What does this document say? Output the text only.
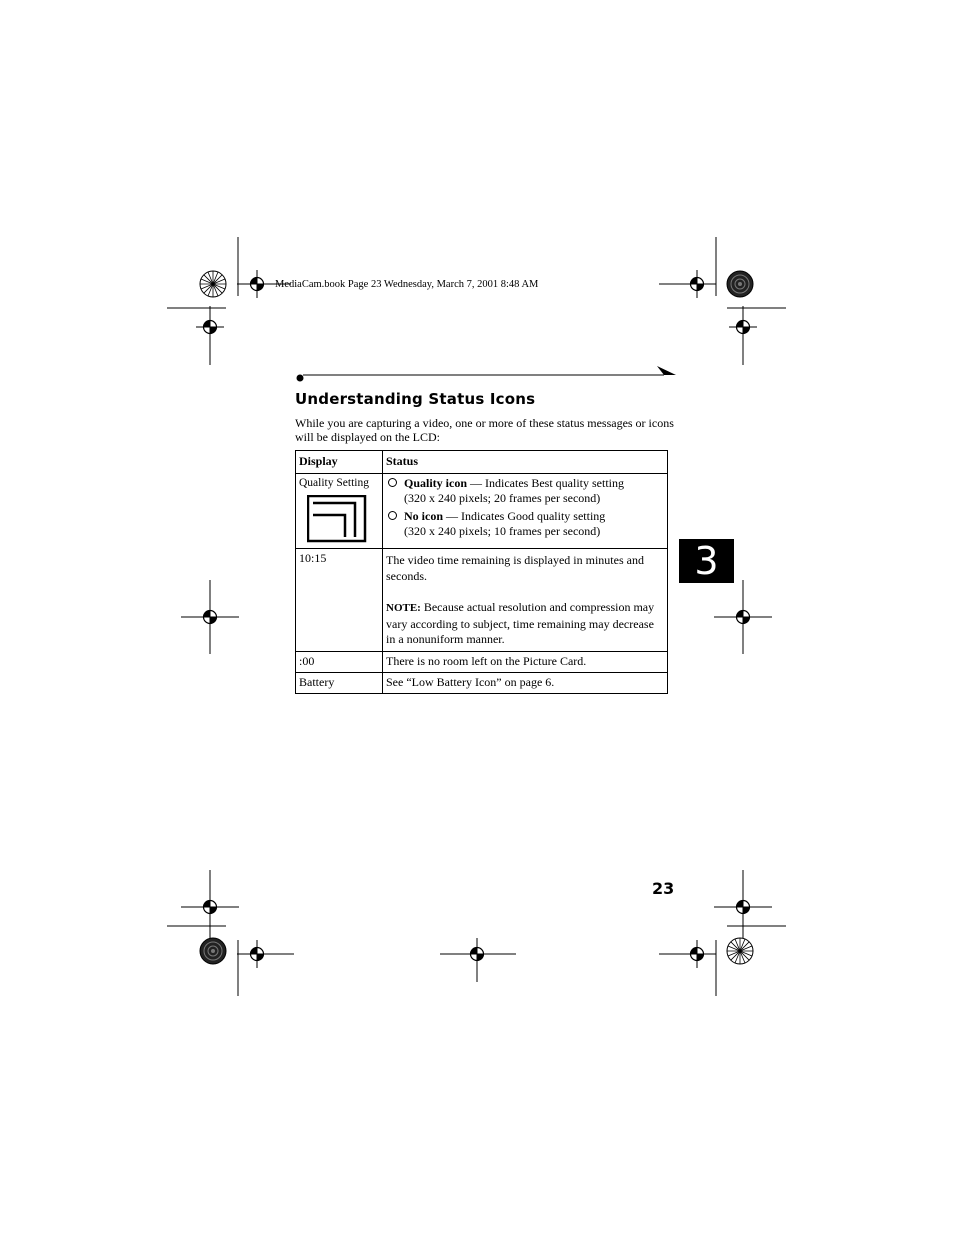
MediaCam.book Page 23 Wednesday, March 7, 2001 8:48 AM
Understanding Status Icons
While you are capturing a video, one or more of these status messages or icons will be displayed on the LCD:
Display	Status

Quality Setting	Quality icon — Indicates Best quality setting
(320 x 240 pixels; 20 frames per second)
No icon — Indicates Good quality setting
(320 x 240 pixels; 10 frames per second)

10:15	The video time remaining is displayed in minutes and seconds.
NOTE: Because actual resolution and compression may vary according to subject, time remaining may decrease in a nonuniform manner.

:00	There is no room left on the Picture Card.
Battery	See “Low Battery Icon” on page 6.
3
23
